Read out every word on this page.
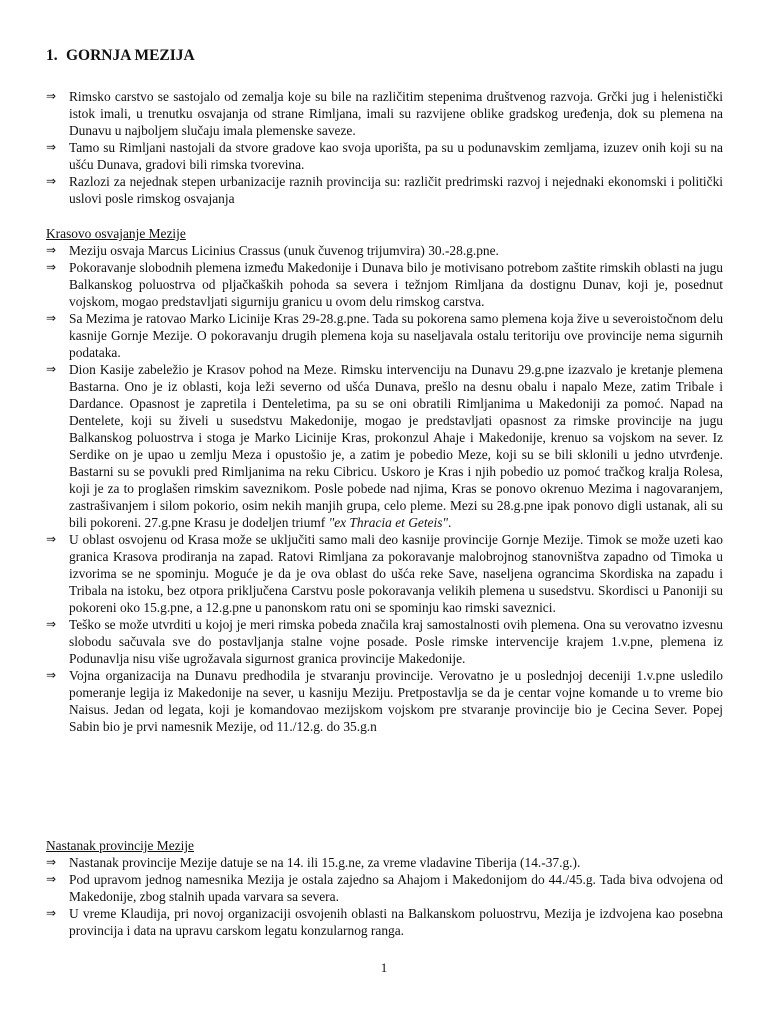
1. GORNJA MEZIJA
⇒ Rimsko carstvo se sastojalo od zemalja koje su bile na različitim stepenima društvenog razvoja. Grčki jug i helenistički istok imali, u trenutku osvajanja od strane Rimljana, imali su razvijene oblike gradskog uređenja, dok su plemena na Dunavu u najboljem slučaju imala plemenske saveze.
⇒ Tamo su Rimljani nastojali da stvore gradove kao svoja uporišta, pa su u podunavskim zemljama, izuzev onih koji su na ušću Dunava, gradovi bili rimska tvorevina.
⇒ Razlozi za nejednak stepen urbanizacije raznih provincija su: različit predrimski razvoj i nejednaki ekonomski i politički uslovi posle rimskog osvajanja
Krasovo osvajanje Mezije
⇒ Meziju osvaja Marcus Licinius Crassus (unuk čuvenog trijumvira) 30.-28.g.pne.
⇒ Pokoravanje slobodnih plemena između Makedonije i Dunava bilo je motivisano potrebom zaštite rimskih oblasti na jugu Balkanskog poluostrva od pljačkaških pohoda sa severa i težnjom Rimljana da dostignu Dunav, koji je, posednut vojskom, mogao predstavljati sigurniju granicu u ovom delu rimskog carstva.
⇒ Sa Mezima je ratovao Marko Licinije Kras 29-28.g.pne. Tada su pokorena samo plemena koja žive u severoistočnom delu kasnije Gornje Mezije. O pokoravanju drugih plemena koja su naseljavala ostalu teritoriju ove provincije nema sigurnih podataka.
⇒ Dion Kasije zabeležio je Krasov pohod na Meze. Rimsku intervenciju na Dunavu 29.g.pne izazvalo je kretanje plemena Bastarna. Ono je iz oblasti, koja leži severno od ušća Dunava, prešlo na desnu obalu i napalo Meze, zatim Tribale i Dardance. Opasnost je zapretila i Denteletima, pa su se oni obratili Rimljanima u Makedoniji za pomoć. Napad na Dentelete, koji su živeli u susedstvu Makedonije, mogao je predstavljati opasnost za rimske provincije na jugu Balkanskog poluostrva i stoga je Marko Licinije Kras, prokonzul Ahaje i Makedonije, krenuo sa vojskom na sever. Iz Serdike on je upao u zemlju Meza i opustošio je, a zatim je pobedio Meze, koji su se bili sklonili u jedno utvrđenje. Bastarni su se povukli pred Rimljanima na reku Cibricu. Uskoro je Kras i njih pobedio uz pomoć tračkog kralja Rolesa, koji je za to proglašen rimskim saveznikom. Posle pobede nad njima, Kras se ponovo okrenuo Mezima i nagovaranjem, zastrašivanjem i silom pokorio, osim nekih manjih grupa, celo pleme. Mezi su 28.g.pne ipak ponovo digli ustanak, ali su bili pokoreni. 27.g.pne Krasu je dodeljen triumf "ex Thracia et Geteis".
⇒ U oblast osvojenu od Krasa može se uključiti samo mali deo kasnije provincije Gornje Mezije. Timok se može uzeti kao granica Krasova prodiranja na zapad. Ratovi Rimljana za pokoravanje malobrojnog stanovništva zapadno od Timoka u izvorima se ne spominju. Moguće je da je ova oblast do ušća reke Save, naseljena ograncima Skordiska na zapadu i Tribala na istoku, bez otpora priključena Carstvu posle pokoravanja velikih plemena u susedstvu. Skordisci u Panoniji su pokoreni oko 15.g.pne, a 12.g.pne u panonskom ratu oni se spominju kao rimski saveznici.
⇒ Teško se može utvrditi u kojoj je meri rimska pobeda značila kraj samostalnosti ovih plemena. Ona su verovatno izvesnu slobodu sačuvala sve do postavljanja stalne vojne posade. Posle rimske intervencije krajem 1.v.pne, plemena iz Podunavlja nisu više ugrožavala sigurnost granica provincije Makedonije.
⇒ Vojna organizacija na Dunavu predhodila je stvaranju provincije. Verovatno je u poslednjoj deceniji 1.v.pne usledilo pomeranje legija iz Makedonije na sever, u kasniju Meziju. Pretpostavlja se da je centar vojne komande u to vreme bio Naisus. Jedan od legata, koji je komandovao mezijskom vojskom pre stvaranje provincije bio je Cecina Sever. Popej Sabin bio je prvi namesnik Mezije, od 11./12.g. do 35.g.n
Nastanak provincije Mezije
⇒ Nastanak provincije Mezije datuje se na 14. ili 15.g.ne, za vreme vladavine Tiberija (14.-37.g.).
⇒ Pod upravom jednog namesnika Mezija je ostala zajedno sa Ahajom i Makedonijom do 44./45.g. Tada biva odvojena od Makedonije, zbog stalnih upada varvara sa severa.
⇒ U vreme Klaudija, pri novoj organizaciji osvojenih oblasti na Balkanskom poluostrvu, Mezija je izdvojena kao posebna provincija i data na upravu carskom legatu konzularnog ranga.
1
